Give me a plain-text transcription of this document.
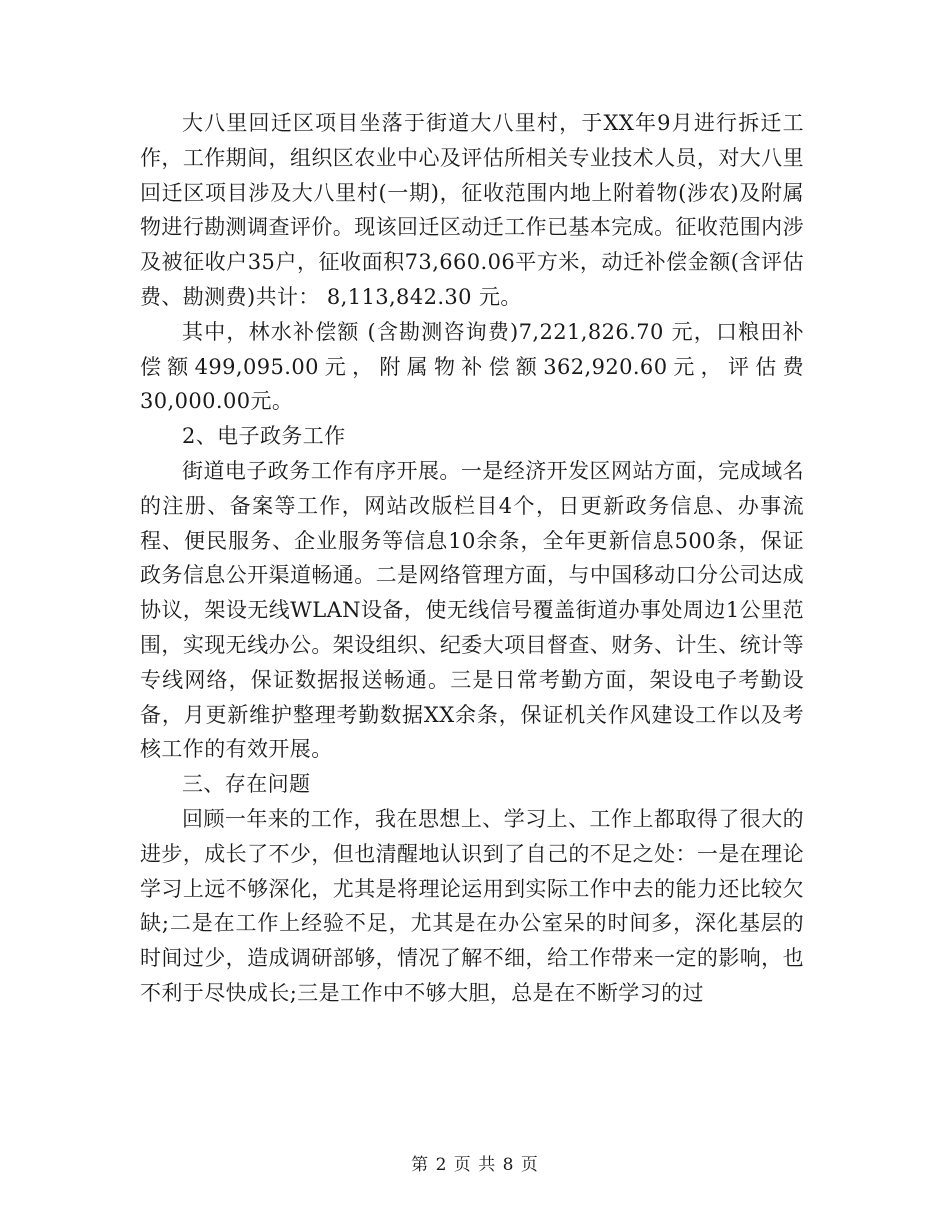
大八里回迁区项目坐落于街道大八里村，于XX年9月进行拆迁工作，工作期间，组织区农业中心及评估所相关专业技术人员，对大八里回迁区项目涉及大八里村(一期)，征收范围内地上附着物(涉农)及附属物进行勘测调查评价。现该回迁区动迁工作已基本完成。征收范围内涉及被征收户35户，征收面积73,660.06平方米，动迁补偿金额(含评估费、勘测费)共计： 8,113,842.30 元。

其中，林水补偿额 (含勘测咨询费)7,221,826.70 元，口粮田补偿额499,095.00元，附属物补偿额362,920.60元，评估费30,000.00元。

2、电子政务工作

街道电子政务工作有序开展。一是经济开发区网站方面，完成域名的注册、备案等工作，网站改版栏目4个，日更新政务信息、办事流程、便民服务、企业服务等信息10余条，全年更新信息500条，保证政务信息公开渠道畅通。二是网络管理方面，与中国移动口分公司达成协议，架设无线WLAN设备，使无线信号覆盖街道办事处周边1公里范围，实现无线办公。架设组织、纪委大项目督查、财务、计生、统计等专线网络，保证数据报送畅通。三是日常考勤方面，架设电子考勤设备，月更新维护整理考勤数据XX余条，保证机关作风建设工作以及考核工作的有效开展。

三、存在问题

回顾一年来的工作，我在思想上、学习上、工作上都取得了很大的进步，成长了不少，但也清醒地认识到了自己的不足之处：一是在理论学习上远不够深化，尤其是将理论运用到实际工作中去的能力还比较欠缺;二是在工作上经验不足，尤其是在办公室呆的时间多，深化基层的时间过少，造成调研部够，情况了解不细，给工作带来一定的影响，也不利于尽快成长;三是工作中不够大胆，总是在不断学习的过

第 2 页 共 8 页
